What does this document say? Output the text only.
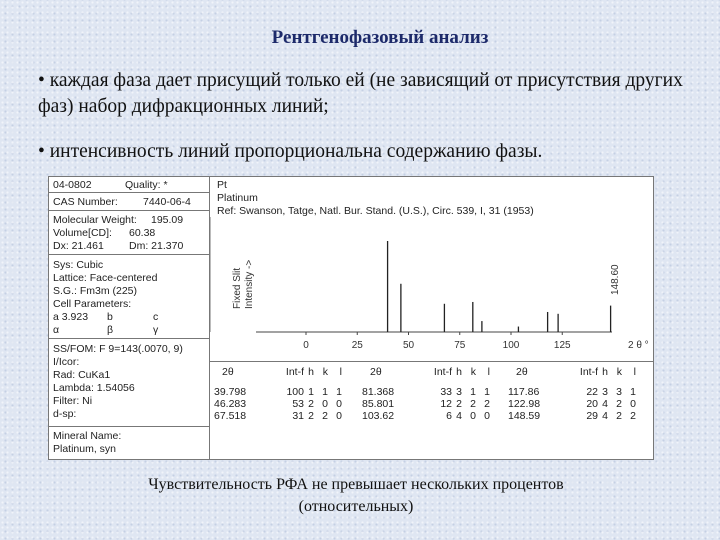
Рентгенофазовый анализ
• каждая фаза дает присущий только ей (не зависящий от присутствия других фаз) набор дифракционных линий;
• интенсивность линий пропорциональна содержанию фазы.
04-0802	Quality: *
CAS Number: 7440-06-4
Molecular Weight: 195.09
Volume[CD]: 60.38
Dx: 21.461 Dm: 21.370
Sys: Cubic
Lattice: Face-centered
S.G.: Fm3m (225)
Cell Parameters:
a 3.923 b	c
α	β	γ
SS/FOM: F 9=143(.0070, 9)
I/Icor:
Rad: CuKa1
Lambda: 1.54056
Filter: Ni
d-sp:
Mineral Name:
Platinum, syn
Pt
Platinum
Ref: Swanson, Tatge, Natl. Bur. Stand. (U.S.), Circ. 539, I, 31 (1953)
0	25	50	75	100	125
Fixed Slit Intensity ->	148.60
2 θ °
2θ	Int-f h k	l
39.798	100 1 1 1
46.283	53 2 0 0
67.518	31 2 2 0
2θ	Int-f h k	l
81.368	33 3 1 1
85.801	12 2 2 2
103.62	6 4 0 0
2θ	Int-f h k	l
117.86	22 3 3 1
122.98	20 4 2 0
148.59	29 4 2 2
Чувствительность РФА не превышает нескольких процентов
(относительных)
